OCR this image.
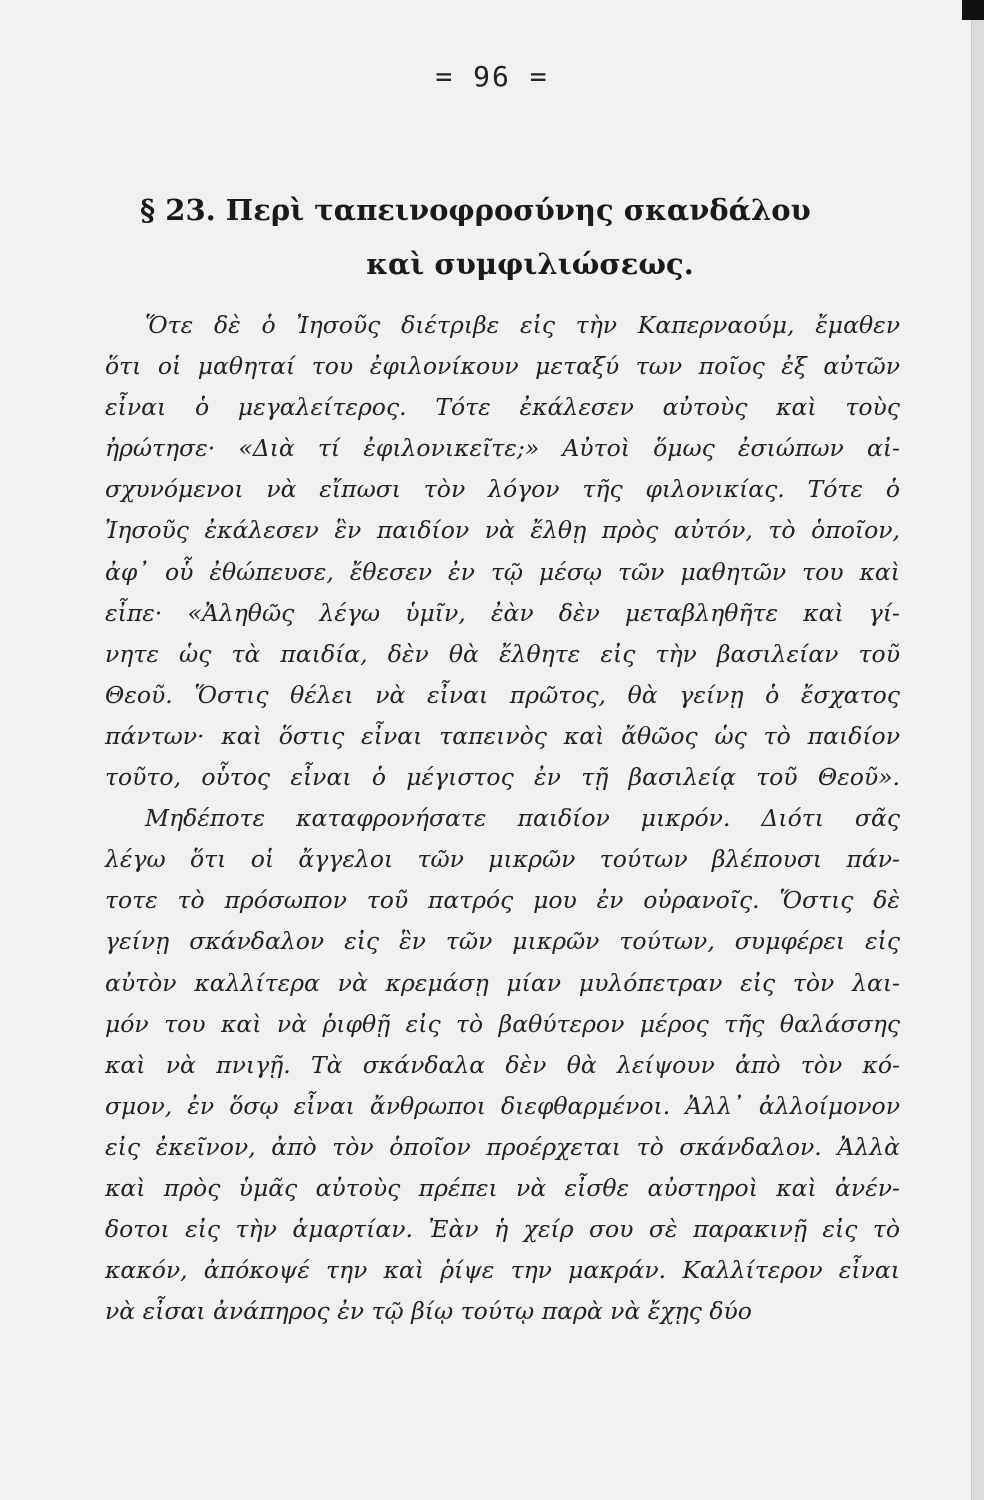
= 96 =
§ 23. Περὶ ταπεινοφροσύνης σκανδάλου
καὶ συμφιλιώσεως.
Ὅτε δὲ ὁ Ἰησοῦς διέτριβε εἰς τὴν Καπερναούμ, ἔμαθεν
ὅτι οἱ μαθηταί του ἐφιλονίκουν μεταξύ των ποῖος ἐξ αὐτῶν
εἶναι ὁ μεγαλείτερος. Τότε ἐκάλεσεν αὐτοὺς καὶ τοὺς
ἠρώτησε· «Διὰ τί ἐφιλονικεῖτε;» Αὐτοὶ ὅμως ἐσιώπων αἰ-
σχυνόμενοι νὰ εἴπωσι τὸν λόγον τῆς φιλονικίας. Τότε ὁ
Ἰησοῦς ἐκάλεσεν ἓν παιδίον νὰ ἔλθῃ πρὸς αὐτόν, τὸ ὁποῖον,
ἀφ᾽ οὗ ἐθώπευσε, ἔθεσεν ἐν τῷ μέσῳ τῶν μαθητῶν του καὶ
εἶπε· «Ἀληθῶς λέγω ὑμῖν, ἐὰν δὲν μεταβληθῆτε καὶ γί-
νητε ὡς τὰ παιδία, δὲν θὰ ἔλθητε εἰς τὴν βασιλείαν τοῦ
Θεοῦ. Ὅστις θέλει νὰ εἶναι πρῶτος, θὰ γείνῃ ὁ ἔσχατος
πάντων· καὶ ὅστις εἶναι ταπεινὸς καὶ ἄθῶος ὡς τὸ παιδίον
τοῦτο, οὗτος εἶναι ὁ μέγιστος ἐν τῇ βασιλείᾳ τοῦ Θεοῦ».
Μηδέποτε καταφρονήσατε παιδίον μικρόν. Διότι σᾶς
λέγω ὅτι οἱ ἄγγελοι τῶν μικρῶν τούτων βλέπουσι πάν-
τοτε τὸ πρόσωπον τοῦ πατρός μου ἐν οὐρανοῖς. Ὅστις δὲ
γείνῃ σκάνδαλον εἰς ἓν τῶν μικρῶν τούτων, συμφέρει εἰς
αὐτὸν καλλίτερα νὰ κρεμάσῃ μίαν μυλόπετραν εἰς τὸν λαι-
μόν του καὶ νὰ ῥιφθῇ εἰς τὸ βαθύτερον μέρος τῆς θαλάσσης
καὶ νὰ πνιγῇ. Τὰ σκάνδαλα δὲν θὰ λείψουν ἀπὸ τὸν κό-
σμον, ἐν ὅσῳ εἶναι ἄνθρωποι διεφθαρμένοι. Ἀλλ᾽ ἀλλοίμονον
εἰς ἐκεῖνον, ἀπὸ τὸν ὁποῖον προέρχεται τὸ σκάνδαλον. Ἀλλὰ
καὶ πρὸς ὑμᾶς αὐτοὺς πρέπει νὰ εἶσθε αὐστηροὶ καὶ ἀνέν-
δοτοι εἰς τὴν ἁμαρτίαν. Ἐὰν ἡ χείρ σου σὲ παρακινῇ εἰς τὸ
κακόν, ἀπόκοψέ την καὶ ῥίψε την μακράν. Καλλίτερον εἶναι
νὰ εἶσαι ἀνάπηρος ἐν τῷ βίῳ τούτῳ παρὰ νὰ ἔχῃς δύο
